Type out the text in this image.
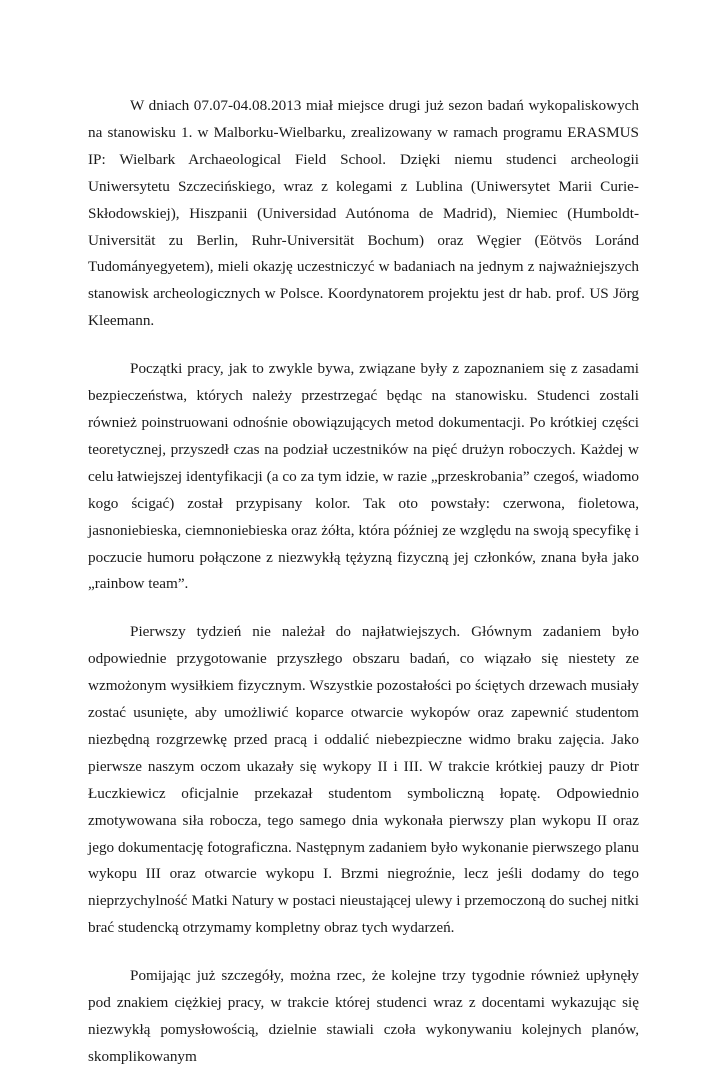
W dniach 07.07-04.08.2013 miał miejsce drugi już sezon badań wykopaliskowych na stanowisku 1. w Malborku-Wielbarku, zrealizowany w ramach programu ERASMUS IP: Wielbark Archaeological Field School. Dzięki niemu studenci archeologii Uniwersytetu Szczecińskiego, wraz z kolegami z Lublina (Uniwersytet Marii Curie-Skłodowskiej), Hiszpanii (Universidad Autónoma de Madrid), Niemiec (Humboldt-Universität zu Berlin, Ruhr-Universität Bochum) oraz Węgier (Eötvös Loránd Tudományegyetem), mieli okazję uczestniczyć w badaniach na jednym z najważniejszych stanowisk archeologicznych w Polsce. Koordynatorem projektu jest dr hab. prof. US Jörg Kleemann.

Początki pracy, jak to zwykle bywa, związane były z zapoznaniem się z zasadami bezpieczeństwa, których należy przestrzegać będąc na stanowisku. Studenci zostali również poinstruowani odnośnie obowiązujących metod dokumentacji. Po krótkiej części teoretycznej, przyszedł czas na podział uczestników na pięć drużyn roboczych. Każdej w celu łatwiejszej identyfikacji (a co za tym idzie, w razie „przeskrobania” czegoś, wiadomo kogo ścigać) został przypisany kolor. Tak oto powstały: czerwona, fioletowa, jasnoniebieska, ciemnoniebieska oraz żółta, która później ze względu na swoją specyfikę i poczucie humoru połączone z niezwykłą tężyzną fizyczną jej członków, znana była jako „rainbow team”.

Pierwszy tydzień nie należał do najłatwiejszych. Głównym zadaniem było odpowiednie przygotowanie przyszłego obszaru badań, co wiązało się niestety ze wzmożonym wysiłkiem fizycznym. Wszystkie pozostałości po ściętych drzewach musiały zostać usunięte, aby umożliwić koparce otwarcie wykopów oraz zapewnić studentom niezbędną rozgrzewkę przed pracą i oddalić niebezpieczne widmo braku zajęcia. Jako pierwsze naszym oczom ukazały się wykopy II i III. W trakcie krótkiej pauzy dr Piotr Łuczkiewicz oficjalnie przekazał studentom symboliczną łopatę. Odpowiednio zmotywowana siła robocza, tego samego dnia wykonała pierwszy plan wykopu II oraz jego dokumentację fotograficzna. Następnym zadaniem było wykonanie pierwszego planu wykopu III oraz otwarcie wykopu I. Brzmi niegroźnie, lecz jeśli dodamy do tego nieprzychylność Matki Natury w postaci nieustającej ulewy i przemoczoną do suchej nitki brać studencką otrzymamy kompletny obraz tych wydarzeń.

Pomijając już szczegóły, można rzec, że kolejne trzy tygodnie również upłynęły pod znakiem ciężkiej pracy, w trakcie której studenci wraz z docentami wykazując się niezwykłą pomysłowością, dzielnie stawiali czoła wykonywaniu kolejnych planów, skomplikowanym
